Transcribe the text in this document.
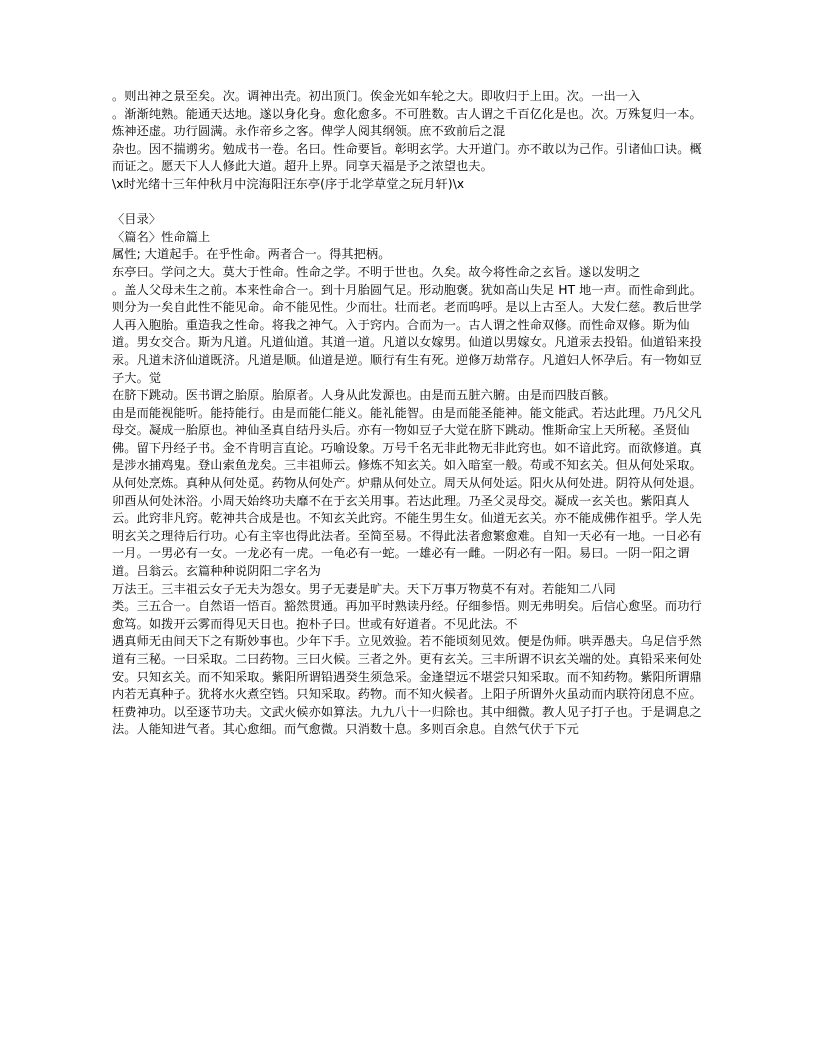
。则出神之景至矣。次。调神出壳。初出顶门。俟金光如车轮之大。即收归于上田。次。一出一入

。渐渐纯熟。能通天达地。遂以身化身。愈化愈多。不可胜数。古人谓之千百亿化是也。次。万殊复归一本。炼神还虚。功行圆满。永作帝乡之客。俾学人阅其纲领。庶不致前后之混

杂也。因不揣谫劣。勉成书一卷。名曰。性命要旨。彰明玄学。大开道门。亦不敢以为己作。引诸仙口诀。概而证之。愿天下人人修此大道。超升上界。同享天福是予之浓望也夫。

\x时光绪十三年仲秋月中浣海阳汪东亭(序于北学草堂之玩月轩)\x

〈目录〉

〈篇名〉性命篇上

属性; 大道起手。在乎性命。两者合一。得其把柄。

东亭曰。学问之大。莫大于性命。性命之学。不明于世也。久矣。故今将性命之玄旨。遂以发明之

。盖人父母未生之前。本来性命合一。到十月胎圆气足。形动胞褒。犹如高山失足 HT 地一声。而性命到此。则分为一矣自此性不能见命。命不能见性。少而壮。壮而老。老而呜呼。是以上古至人。大发仁慈。教后世学人再入胞胎。重造我之性命。将我之神气。入于窍内。合而为一。古人谓之性命双修。而性命双修。斯为仙道。男女交合。斯为凡道。凡道仙道。其道一道。凡道以女嫁男。仙道以男嫁女。凡道汞去投铅。仙道铅来投汞。凡道未济仙道既济。凡道是顺。仙道是逆。顺行有生有死。逆修万劫常存。凡道妇人怀孕后。有一物如豆子大。觉

在脐下跳动。医书谓之胎原。胎原者。人身从此发源也。由是而五脏六腑。由是而四肢百骸。

由是而能视能听。能持能行。由是而能仁能义。能礼能智。由是而能圣能神。能文能武。若达此理。乃凡父凡母交。凝成一胎原也。神仙圣真自结丹头后。亦有一物如豆子大觉在脐下跳动。惟斯命宝上天所秘。圣贤仙佛。留下丹经子书。金不肯明言直论。巧喻设象。万号千名无非此物无非此窍也。如不谙此窍。而欲修道。真是涉水捕鸡鬼。登山索鱼龙矣。三丰祖师云。修炼不知玄关。如入暗室一般。苟或不知玄关。但从何处采取。从何处烹炼。真种从何处觅。药物从何处产。炉鼎从何处立。周天从何处运。阳火从何处进。阴符从何处退。卯酉从何处沐浴。小周天始终功夫靡不在于玄关用事。若达此理。乃圣父灵母交。凝成一玄关也。紫阳真人云。此窍非凡窍。乾神共合成是也。不知玄关此窍。不能生男生女。仙道无玄关。亦不能成佛作祖乎。学人先明玄关之理待后行功。心有主宰也得此法者。至简至易。不得此法者愈繁愈难。自知一天必有一地。一日必有一月。一男必有一女。一龙必有一虎。一龟必有一蛇。一雄必有一雌。一阴必有一阳。易曰。一阴一阳之谓道。吕翁云。玄篇种种说阴阳二字名为

万法王。三丰祖云女子无夫为怨女。男子无妻是旷夫。天下万事万物莫不有对。若能知二八同

类。三五合一。自然语一悟百。豁然贯通。再加平时熟读丹经。仔细参悟。则无弗明矣。后信心愈坚。而功行愈笃。如拨开云雾而得见天日也。抱朴子曰。世或有好道者。不见此法。不

遇真师无由间天下之有斯妙事也。少年下手。立见效验。若不能顷刻见效。便是伪师。哄弄愚夫。乌足信乎然道有三秘。一曰采取。二曰药物。三曰火候。三者之外。更有玄关。三丰所谓不识玄关端的处。真铅采来何处安。只知玄关。而不知采取。紫阳所谓铅遇癸生须急采。金逢望远不堪尝只知采取。而不知药物。紫阳所谓鼎内若无真种子。犹将水火煮空铛。只知采取。药物。而不知火候者。上阳子所谓外火虽动而内联符闭息不应。枉费神功。以至逐节功夫。文武火候亦如算法。九九八十一归除也。其中细微。教人见子打子也。于是调息之法。人能知进气者。其心愈细。而气愈微。只消数十息。多则百余息。自然气伏于下元
